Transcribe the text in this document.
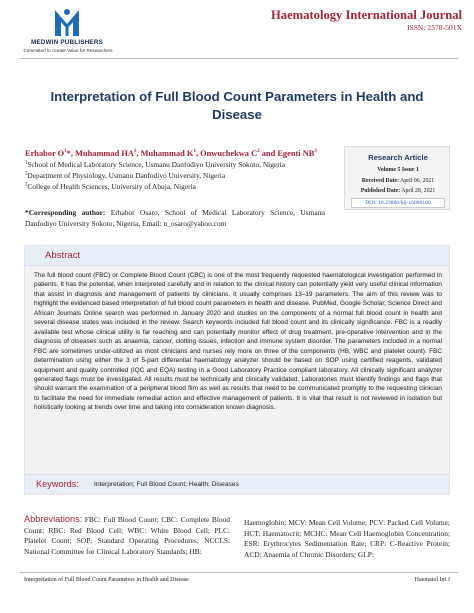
MEDWIN PUBLISHERS
Committed to Create Value for Researchers
Haematology International Journal
ISSN: 2578-501X
Interpretation of Full Blood Count Parameters in Health and
Disease
Erhabor $O^1*$, Muhammad $HA^1$, Muhammad $K^1$, Onwuchekwa $C^2$ and Egenti $NB^3$
$^1$School of Medical Laboratory Science, Usmanu Danfodiyo University Sokoto, Nigeria
$^2$Department of Physiology, Usmanu Danfodiyo University, Nigeria
$^3$College of Health Sciences, University of Abuja, Nigeria
*Corresponding author: Erhabor Osaro, School of Medical Laboratory Science, Usmanu Danfodiyo University Sokoto, Nigeria, Email: n_osaro@yahoo.com
Research Article
Volume 5 Issue 1
Received Date: April 06, 2021
Published Date: April 28, 2021
DOI: 10.23880/hij-16000180
Abstract
The full blood count (FBC) or Complete Blood Count (CBC) is one of the most frequently requested haematological investigation performed in patients. It has the potential, when interpreted carefully and in relation to the clinical history can potentially yield very useful clinical information that assist in diagnosis and management of patients by clinicians. It usually comprises 13–19 parameters. The aim of this review was to highlight the evidenced based interpretation of full blood count parameters in health and disease. PubMed, Google Scholar, Science Direct and African Journals Online search was performed in January 2020 and studies on the components of a normal full blood count in health and several disease states was included in the review. Search keywords included full blood count and its clinically significance. FBC is a readily available test whose clinical utility is far reaching and can potentially monitor effect of drug treatment, pre-operative intervention and in the diagnosis of diseases such as anaemia, cancer, clotting issues, infection and immune system disorder. The parameters included in a normal FBC are sometimes under-utilized as most clinicians and nurses rely more on three of the components (HB, WBC and platelet count). FBC determination using either the 3 of 5-part differential haematology analyzer should be based on SOP using certified reagents, validated equipment and quality controlled (IQC and EQA) testing in a Good Laboratory Practice compliant laboratory. All clinically significant analyzer generated flags must be investigated. All results must be technically and clinically validated. Laboratories must identify findings and flags that should warrant the examination of a peripheral blood film as well as results that need to be communicated promptly to the requesting clinician to facilitate the need for immediate remedial action and effective management of patients. It is vital that result is not reviewed in isolation but holistically looking at trends over time and taking into consideration known diagnosis.
Keywords: Interpretation; Full Blood Count; Health; Diseases
Abbreviations: FBC: Full Blood Count; CBC: Complete Blood Count; RBC: Red Blood Cell; WBC: White Blood Cell; PLC: Platelet Count; SOP: Standard Operating Procedures; NCCLS: National Committee for Clinical Laboratory Standards; HB:
Haemoglobin; MCV: Mean Cell Volume; PCV: Packed Cell Volume; HCT: Haematocrit; MCHC: Mean Cell Haemoglobin Concentration; ESR: Erythrocytes Sedimentation Rate; CRP: C-Reactive Protein; ACD: Anaemia of Chronic Disorders; GLP:
Interpretation of Full Blood Count Parameters in Health and Disease	Haematol Int J
